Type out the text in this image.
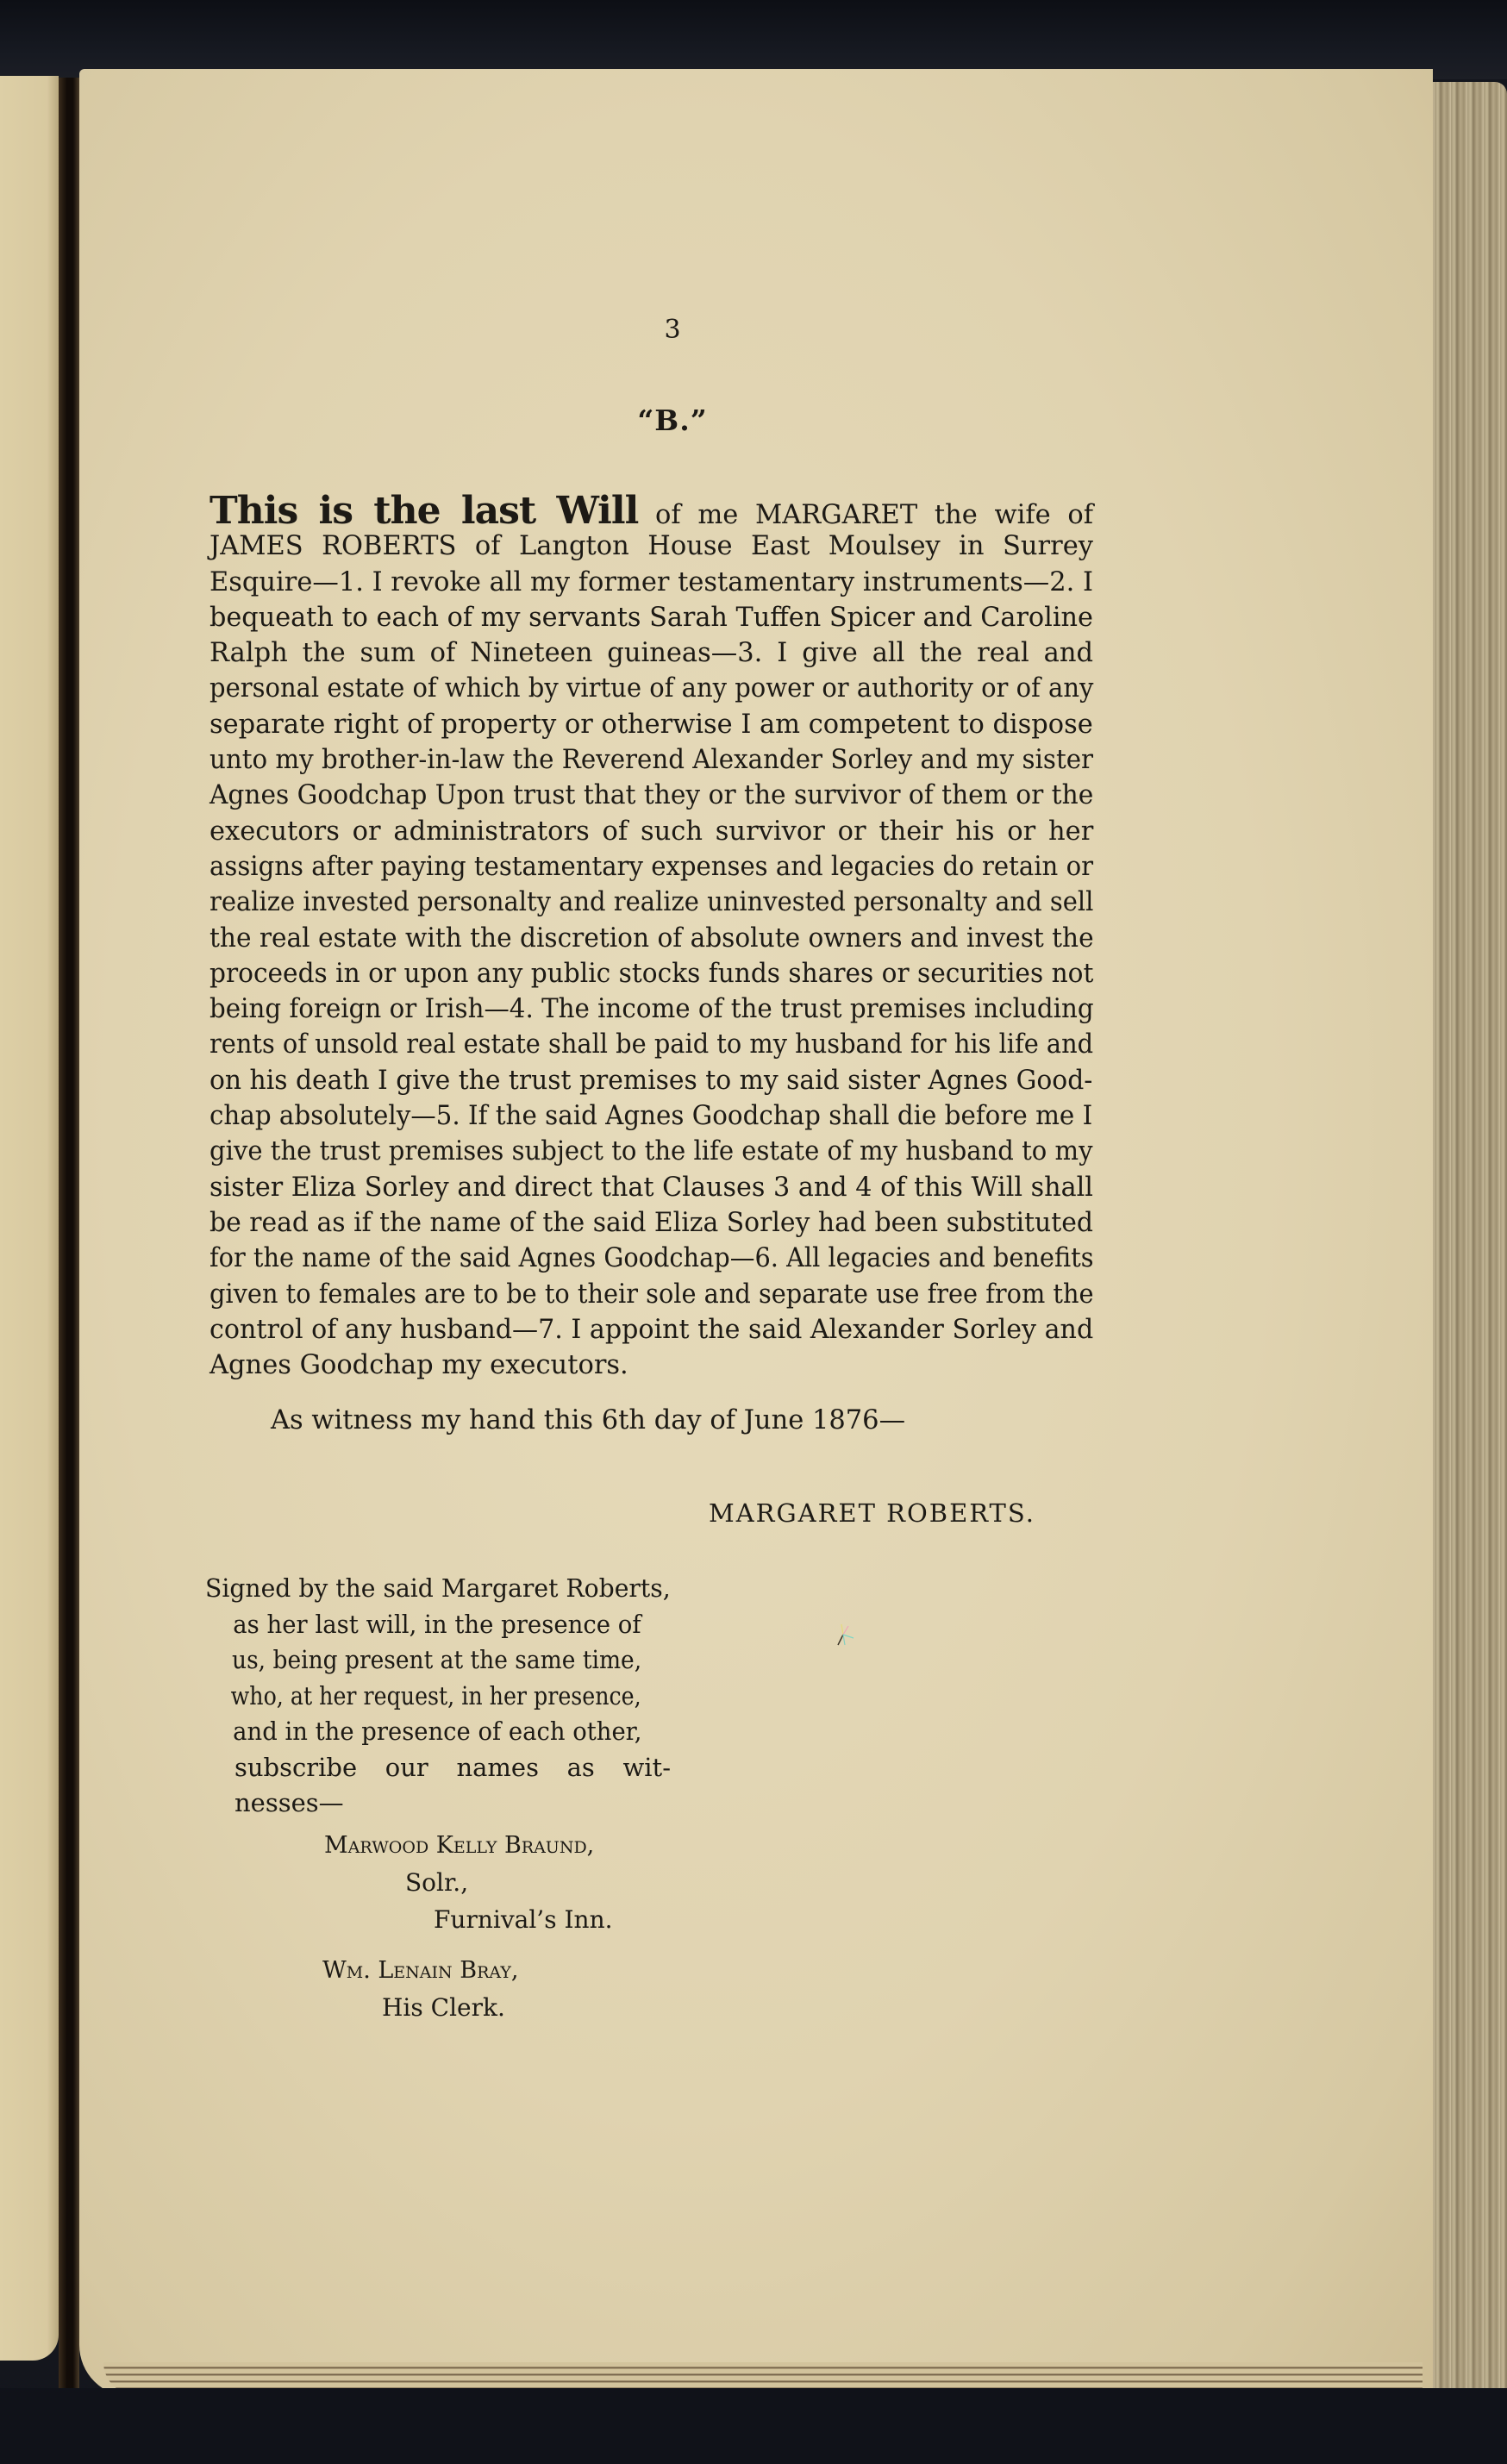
3
“B.”
This is the last Will of me MARGARET the wife of
JAMES ROBERTS of Langton House East Moulsey in Surrey
Esquire—1. I revoke all my former testamentary instruments—2. I
bequeath to each of my servants Sarah Tuffen Spicer and Caroline
Ralph the sum of Nineteen guineas—3. I give all the real and
personal estate of which by virtue of any power or authority or of any
separate right of property or otherwise I am competent to dispose
unto my brother-in-law the Reverend Alexander Sorley and my sister
Agnes Goodchap Upon trust that they or the survivor of them or the
executors or administrators of such survivor or their his or her
assigns after paying testamentary expenses and legacies do retain or
realize invested personalty and realize uninvested personalty and sell
the real estate with the discretion of absolute owners and invest the
proceeds in or upon any public stocks funds shares or securities not
being foreign or Irish—4. The income of the trust premises including
rents of unsold real estate shall be paid to my husband for his life and
on his death I give the trust premises to my said sister Agnes Good-
chap absolutely—5. If the said Agnes Goodchap shall die before me I
give the trust premises subject to the life estate of my husband to my
sister Eliza Sorley and direct that Clauses 3 and 4 of this Will shall
be read as if the name of the said Eliza Sorley had been substituted
for the name of the said Agnes Goodchap—6. All legacies and benefits
given to females are to be to their sole and separate use free from the
control of any husband—7. I appoint the said Alexander Sorley and
Agnes Goodchap my executors.
As witness my hand this 6th day of June 1876—
MARGARET ROBERTS.
Signed by the said Margaret Roberts,
as her last will, in the presence of
us, being present at the same time,
who, at her request, in her presence,
and in the presence of each other,
subscribe our names as wit-
nesses—
Marwood Kelly Braund,
Solr.,
Furnival’s Inn.
Wm. Lenain Bray,
His Clerk.
